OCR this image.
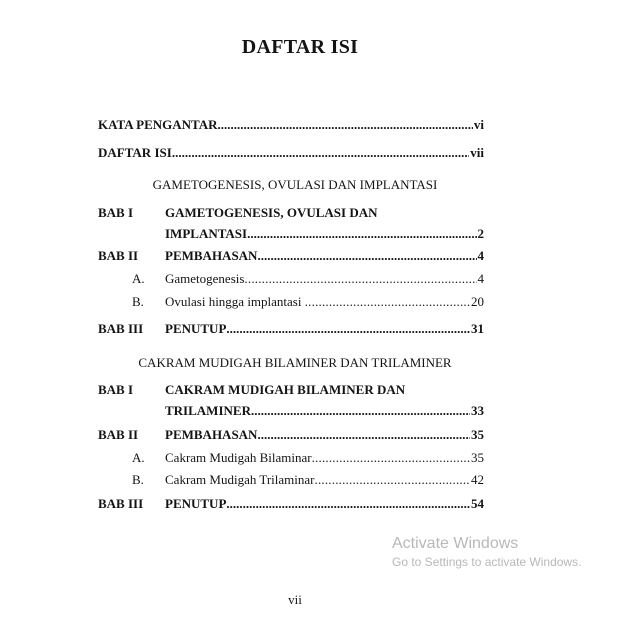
DAFTAR ISI
KATA PENGANTAR .....	vi
DAFTAR ISI .....	vii
GAMETOGENESIS, OVULASI DAN IMPLANTASI
BAB I GAMETOGENESIS, OVULASI DAN
IMPLANTASI .....	2
BAB II PEMBAHASAN .....	4
A. Gametogenesis .....	4
B. Ovulasi hingga implantasi .....	20
BAB III PENUTUP .....	31
CAKRAM MUDIGAH BILAMINER DAN TRILAMINER
BAB I CAKRAM MUDIGAH BILAMINER DAN
TRILAMINER .....	33
BAB II PEMBAHASAN .....	35
A. Cakram Mudigah Bilaminar .....	35
B. Cakram Mudigah Trilaminar .....	42
BAB III PENUTUP .....	54
Activate Windows
Go to Settings to activate Windows.
vii
